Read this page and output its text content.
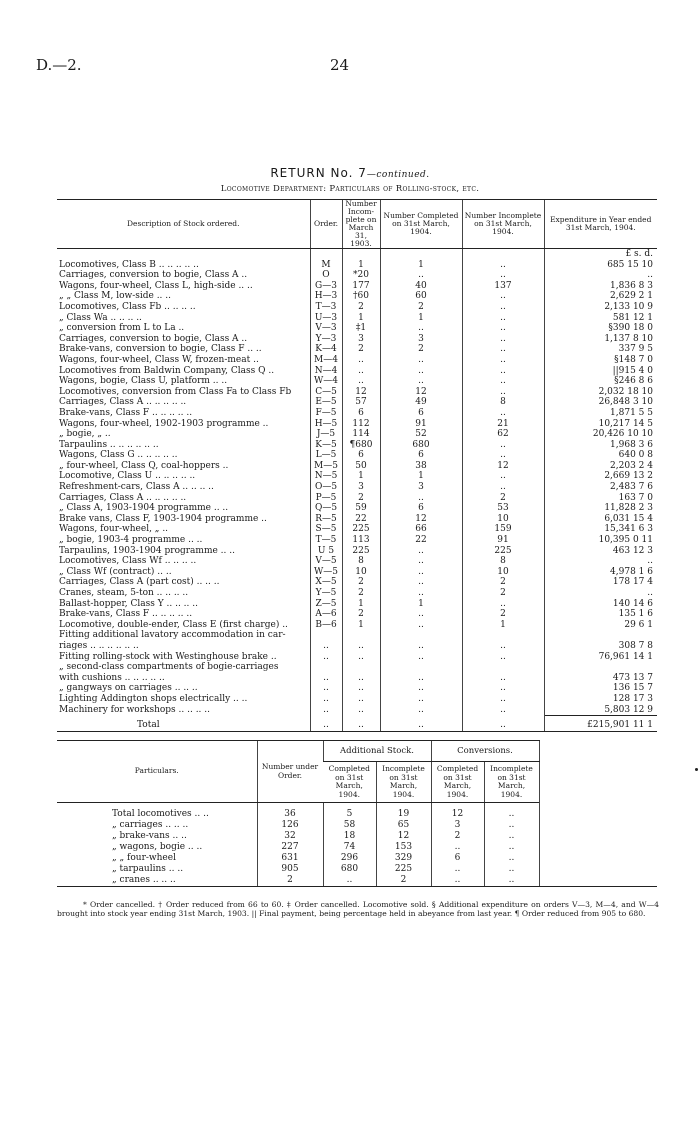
D.—2.	24
RETURN No. 7—continued.
Locomotive Department: Particulars of Rolling-stock, etc.
Description of Stock ordered.	Order.	Number Incom- plete on March 31, 1903.	Number Completed on 31st March, 1904.	Number Incomplete on 31st March, 1904.	Expenditure in Year ended 31st March, 1904.
					£ s. d.
Locomotives, Class B .. .. .. .. ..	M	1	1	..	685 15 10
Carriages, conversion to bogie, Class A ..	O	*20	..	..	..
Wagons, four-wheel, Class L, high-side .. ..	G—3	177	40	137	1,836 8 3
„ „ Class M, low-side .. ..	H—3	†60	60	..	2,629 2 1
Locomotives, Class Fb .. .. .. ..	T—3	2	2	..	2,133 10 9
„ Class Wa .. .. .. ..	U—3	1	1	..	581 12 1
„ conversion from L to La ..	V—3	‡1	..	..	§390 18 0
Carriages, conversion to bogie, Class A ..	Y—3	3	3	..	1,137 8 10
Brake-vans, conversion to bogie, Class F .. ..	K—4	2	2	..	337 9 5
Wagons, four-wheel, Class W, frozen-meat ..	M—4	..	..	..	§148 7 0
Locomotives from Baldwin Company, Class Q ..	N—4	..	..	..	||915 4 0
Wagons, bogie, Class U, platform .. ..	W—4	..	..	..	§246 8 6
Locomotives, conversion from Class Fa to Class Fb	C—5	12	12	..	2,032 18 10
Carriages, Class A .. .. .. .. ..	E—5	57	49	8	26,848 3 10
Brake-vans, Class F .. .. .. .. ..	F—5	6	6	..	1,871 5 5
Wagons, four-wheel, 1902-1903 programme ..	H—5	112	91	21	10,217 14 5
„ bogie, „ ..	J—5	114	52	62	20,426 10 10
Tarpaulins .. .. .. .. .. ..	K—5	¶680	680	..	1,968 3 6
Wagons, Class G .. .. .. .. ..	L—5	6	6	..	640 0 8
„ four-wheel, Class Q, coal-hoppers ..	M—5	50	38	12	2,203 2 4
Locomotive, Class U .. .. .. .. ..	N—5	1	1	..	2,669 13 2
Refreshment-cars, Class A .. .. .. ..	O—5	3	3	..	2,483 7 6
Carriages, Class A .. .. .. .. ..	P—5	2	..	2	163 7 0
„ Class A, 1903-1904 programme .. ..	Q—5	59	6	53	11,828 2 3
Brake vans, Class F, 1903-1904 programme ..	R—5	22	12	10	6,031 15 4
Wagons, four-wheel, „ ..	S—5	225	66	159	15,341 6 3
„ bogie, 1903-4 programme .. ..	T—5	113	22	91	10,395 0 11
Tarpaulins, 1903-1904 programme .. ..	U 5	225	..	225	463 12 3
Locomotives, Class Wf .. .. .. ..	V—5	8	..	8	..
„ Class Wf (contract) .. ..	W—5	10	..	10	4,978 1 6
Carriages, Class A (part cost) .. .. ..	X—5	2	..	2	178 17 4
Cranes, steam, 5-ton .. .. .. ..	Y—5	2	..	2	..
Ballast-hopper, Class Y .. .. .. ..	Z—5	1	1	..	140 14 6
Brake-vans, Class F .. .. .. .. ..	A—6	2	..	2	135 1 6
Locomotive, double-ender, Class E (first charge) ..	B—6	1	..	1	29 6 1
Fitting additional lavatory accommodation in car-					
riages .. .. .. .. .. ..	..	..	..	..	308 7 8
Fitting rolling-stock with Westinghouse brake ..	..	..	..	..	76,961 14 1
„ second-class compartments of bogie-carriages					
with cushions .. .. .. .. ..	..	..	..	..	473 13 7
„ gangways on carriages .. .. ..	..	..	..	..	136 15 7
Lighting Addington shops electrically .. ..	..	..	..	..	128 17 3
Machinery for workshops .. .. .. ..	..	..	..	..	5,803 12 9
Total	..	..	..	..	£215,901 11 1
Particulars.	Number under Order.	Additional Stock.		Conversions.		
		Completed on 31st March, 1904.	Incomplete on 31st March, 1904.	Completed on 31st March, 1904.	Incomplete on 31st March, 1904.	

Total locomotives .. ..	36	5	19	12	..	
„ carriages .. .. ..	126	58	65	3	..	
„ brake-vans .. ..	32	18	12	2	..	
„ wagons, bogie .. ..	227	74	153	..	..	
„ „ four-wheel	631	296	329	6	..	
„ tarpaulins .. ..	905	680	225	..	..	
„ cranes .. .. ..	2	..	2	..	..	

* Order cancelled. † Order reduced from 66 to 60. ‡ Order cancelled. Locomotive sold. § Additional expenditure on orders V—3, M—4, and W—4 brought into stock year ending 31st March, 1903. || Final payment, being percentage held in abeyance from last year. ¶ Order reduced from 905 to 680.
